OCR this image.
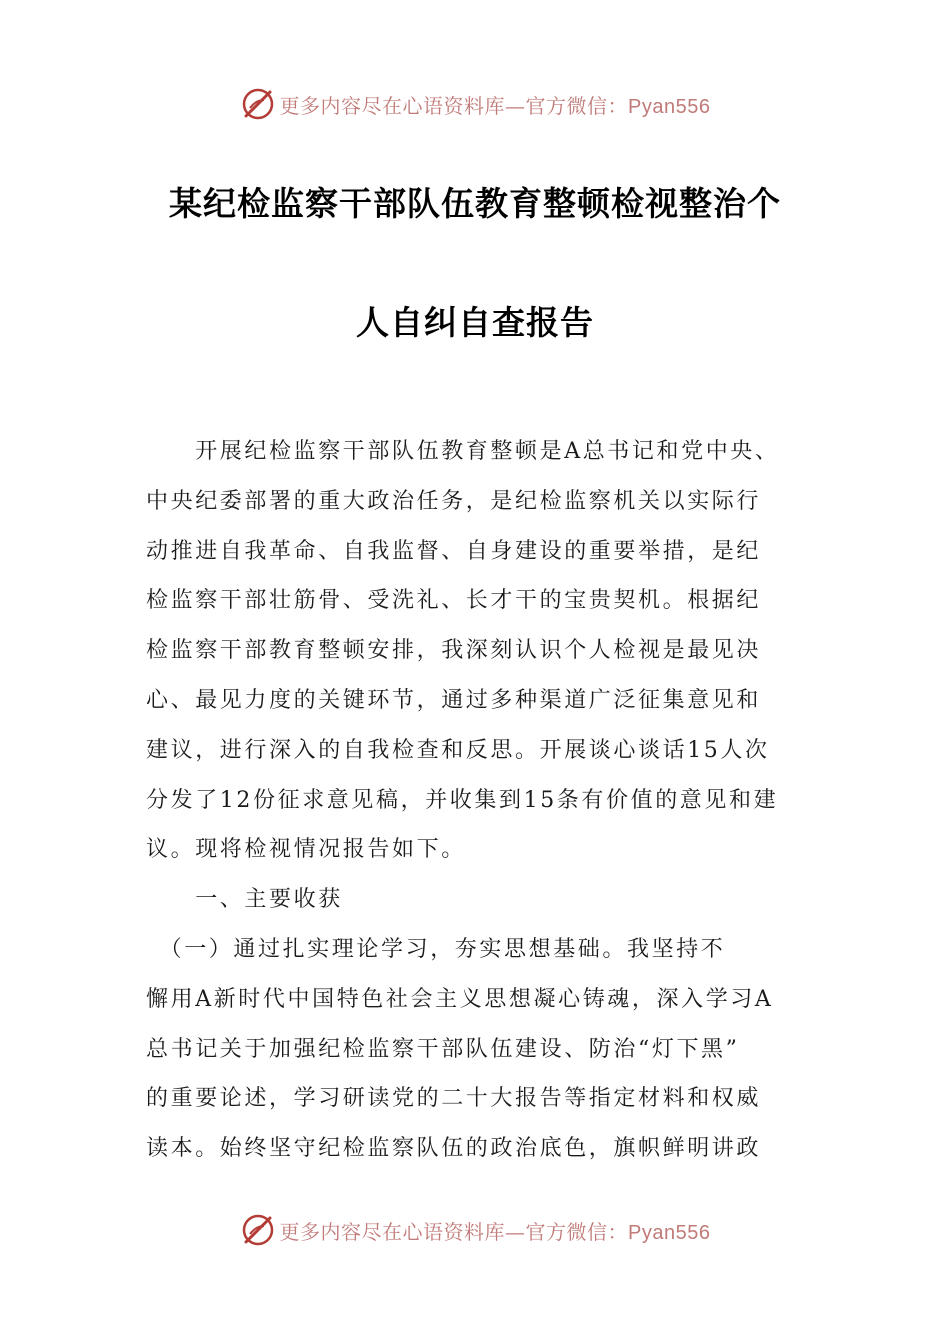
更多内容尽在心语资料库—官方微信：Pyan556
某纪检监察干部队伍教育整顿检视整治个
人自纠自查报告
　　开展纪检监察干部队伍教育整顿是A总书记和党中央、
中央纪委部署的重大政治任务，是纪检监察机关以实际行
动推进自我革命、自我监督、自身建设的重要举措，是纪
检监察干部壮筋骨、受洗礼、长才干的宝贵契机。根据纪
检监察干部教育整顿安排，我深刻认识个人检视是最见决
心、最见力度的关键环节，通过多种渠道广泛征集意见和
建议，进行深入的自我检查和反思。开展谈心谈话15人次
分发了12份征求意见稿，并收集到15条有价值的意见和建
议。现将检视情况报告如下。
　　一、主要收获
　（一）通过扎实理论学习，夯实思想基础。我坚持不
懈用A新时代中国特色社会主义思想凝心铸魂，深入学习A
总书记关于加强纪检监察干部队伍建设、防治“灯下黑”
的重要论述，学习研读党的二十大报告等指定材料和权威
读本。始终坚守纪检监察队伍的政治底色，旗帜鲜明讲政
更多内容尽在心语资料库—官方微信：Pyan556
